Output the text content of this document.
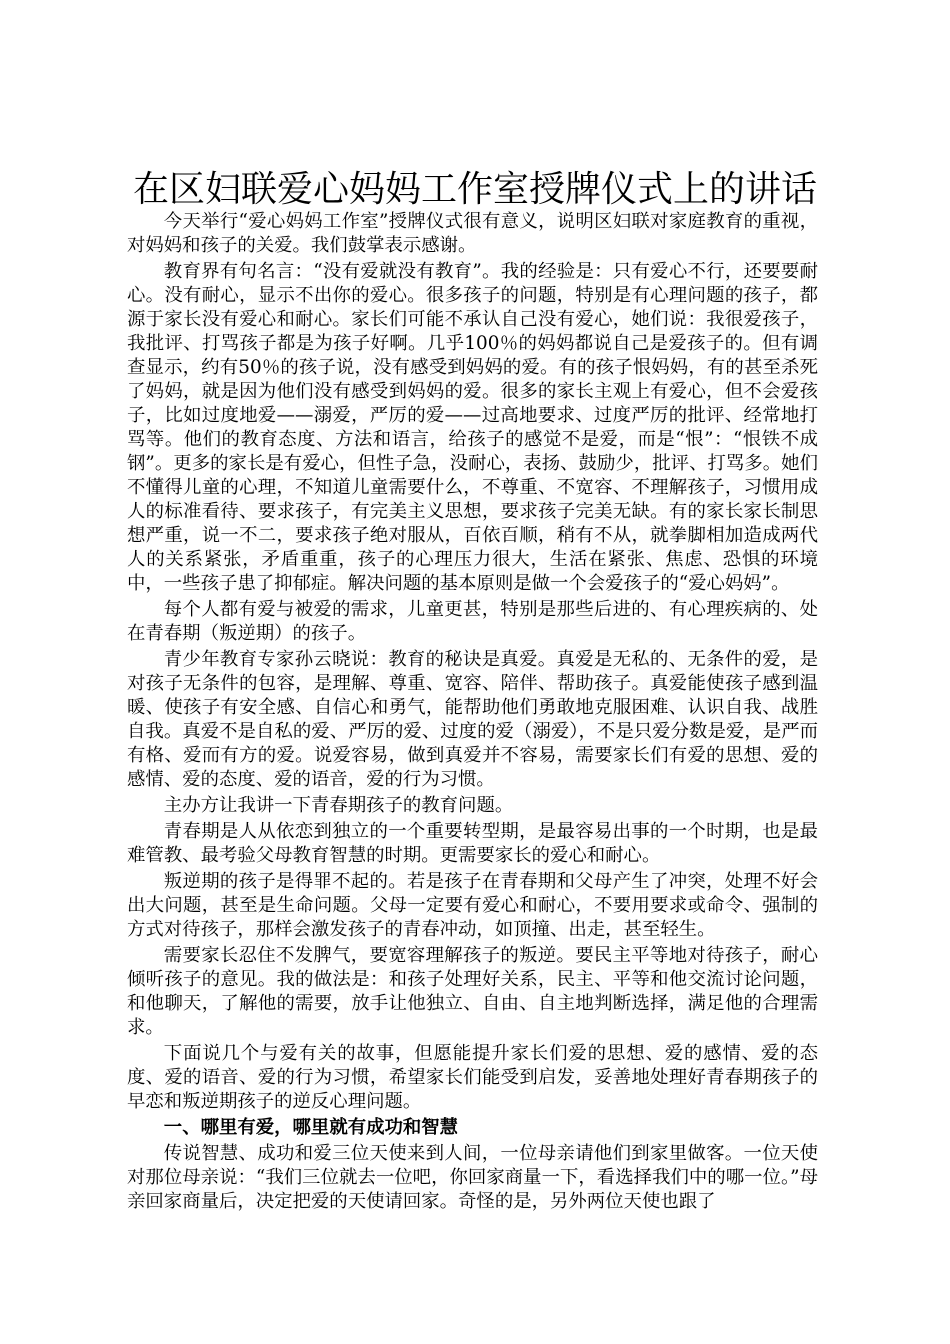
在区妇联爱心妈妈工作室授牌仪式上的讲话

今天举行“爱心妈妈工作室”授牌仪式很有意义，说明区妇联对家庭教育的重视，对妈妈和孩子的关爱。我们鼓掌表示感谢。

教育界有句名言：“没有爱就没有教育”。我的经验是：只有爱心不行，还要要耐心。没有耐心，显示不出你的爱心。很多孩子的问题，特别是有心理问题的孩子，都源于家长没有爱心和耐心。家长们可能不承认自己没有爱心，她们说：我很爱孩子，我批评、打骂孩子都是为孩子好啊。几乎100％的妈妈都说自己是爱孩子的。但有调查显示，约有50％的孩子说，没有感受到妈妈的爱。有的孩子恨妈妈，有的甚至杀死了妈妈，就是因为他们没有感受到妈妈的爱。很多的家长主观上有爱心，但不会爱孩子，比如过度地爱——溺爱，严厉的爱——过高地要求、过度严厉的批评、经常地打骂等。他们的教育态度、方法和语言，给孩子的感觉不是爱，而是“恨”：“恨铁不成钢”。更多的家长是有爱心，但性子急，没耐心，表扬、鼓励少，批评、打骂多。她们不懂得儿童的心理，不知道儿童需要什么，不尊重、不宽容、不理解孩子，习惯用成人的标准看待、要求孩子，有完美主义思想，要求孩子完美无缺。有的家长家长制思想严重，说一不二，要求孩子绝对服从，百依百顺，稍有不从，就拳脚相加造成两代人的关系紧张，矛盾重重，孩子的心理压力很大，生活在紧张、焦虑、恐惧的环境中，一些孩子患了抑郁症。解决问题的基本原则是做一个会爱孩子的“爱心妈妈”。

每个人都有爱与被爱的需求，儿童更甚，特别是那些后进的、有心理疾病的、处在青春期（叛逆期）的孩子。

青少年教育专家孙云晓说：教育的秘诀是真爱。真爱是无私的、无条件的爱，是对孩子无条件的包容，是理解、尊重、宽容、陪伴、帮助孩子。真爱能使孩子感到温暖、使孩子有安全感、自信心和勇气，能帮助他们勇敢地克服困难、认识自我、战胜自我。真爱不是自私的爱、严厉的爱、过度的爱（溺爱），不是只爱分数是爱，是严而有格、爱而有方的爱。说爱容易，做到真爱并不容易，需要家长们有爱的思想、爱的感情、爱的态度、爱的语音，爱的行为习惯。

主办方让我讲一下青春期孩子的教育问题。

青春期是人从依恋到独立的一个重要转型期，是最容易出事的一个时期，也是最难管教、最考验父母教育智慧的时期。更需要家长的爱心和耐心。

叛逆期的孩子是得罪不起的。若是孩子在青春期和父母产生了冲突，处理不好会出大问题，甚至是生命问题。父母一定要有爱心和耐心，不要用要求或命令、强制的方式对待孩子，那样会激发孩子的青春冲动，如顶撞、出走，甚至轻生。

需要家长忍住不发脾气，要宽容理解孩子的叛逆。要民主平等地对待孩子，耐心倾听孩子的意见。我的做法是：和孩子处理好关系，民主、平等和他交流讨论问题，和他聊天，了解他的需要，放手让他独立、自由、自主地判断选择，满足他的合理需求。

下面说几个与爱有关的故事，但愿能提升家长们爱的思想、爱的感情、爱的态度、爱的语音、爱的行为习惯，希望家长们能受到启发，妥善地处理好青春期孩子的早恋和叛逆期孩子的逆反心理问题。

一、哪里有爱，哪里就有成功和智慧

传说智慧、成功和爱三位天使来到人间，一位母亲请他们到家里做客。一位天使对那位母亲说：“我们三位就去一位吧，你回家商量一下，看选择我们中的哪一位。”母亲回家商量后，决定把爱的天使请回家。奇怪的是，另外两位天使也跟了
